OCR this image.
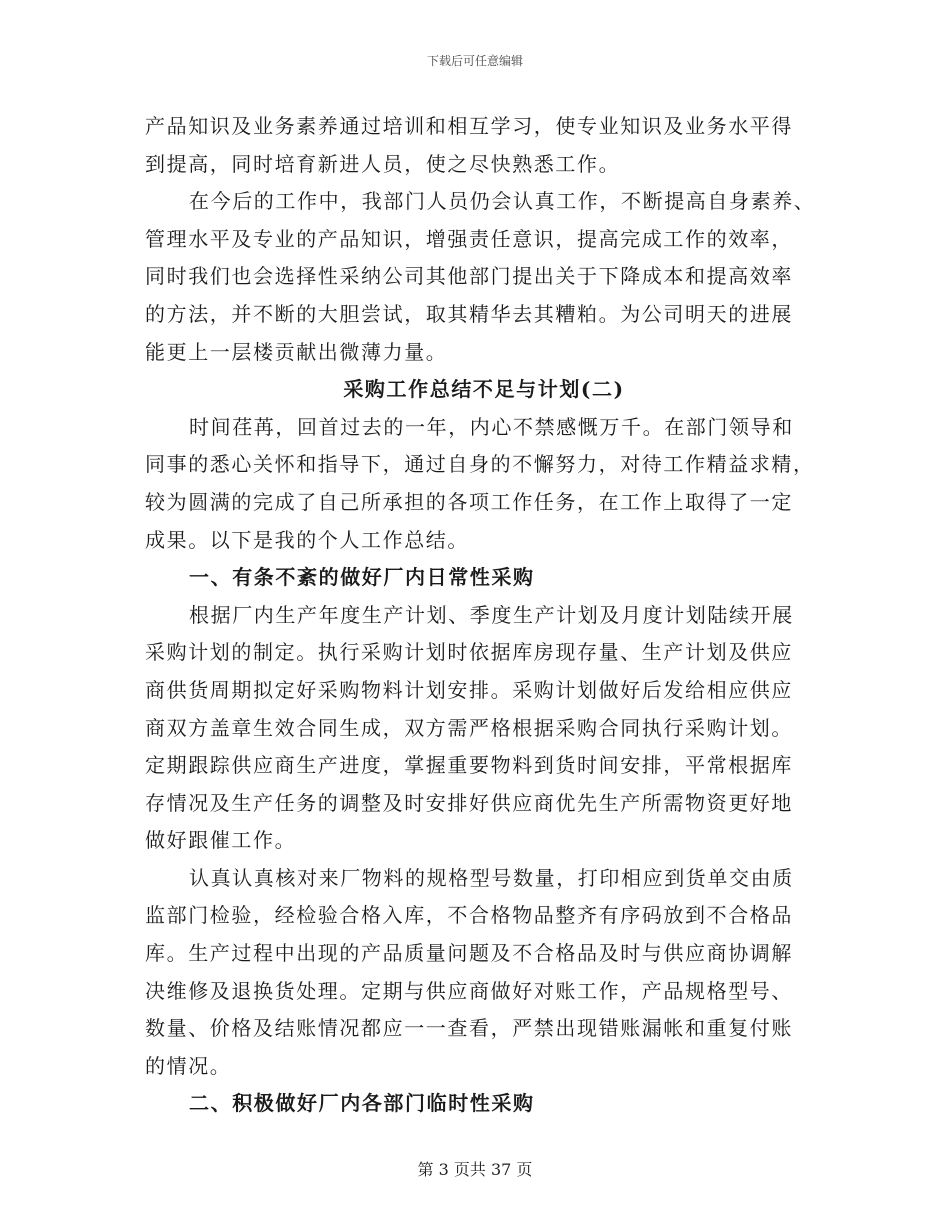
下载后可任意编辑
产品知识及业务素养通过培训和相互学习，使专业知识及业务水平得
到提高，同时培育新进人员，使之尽快熟悉工作。
在今后的工作中，我部门人员仍会认真工作，不断提高自身素养、
管理水平及专业的产品知识，增强责任意识，提高完成工作的效率，
同时我们也会选择性采纳公司其他部门提出关于下降成本和提高效率
的方法，并不断的大胆尝试，取其精华去其糟粕。为公司明天的进展
能更上一层楼贡献出微薄力量。
采购工作总结不足与计划(二)
时间荏苒，回首过去的一年，内心不禁感慨万千。在部门领导和
同事的悉心关怀和指导下，通过自身的不懈努力，对待工作精益求精，
较为圆满的完成了自己所承担的各项工作任务，在工作上取得了一定
成果。以下是我的个人工作总结。
一、有条不紊的做好厂内日常性采购
根据厂内生产年度生产计划、季度生产计划及月度计划陆续开展
采购计划的制定。执行采购计划时依据库房现存量、生产计划及供应
商供货周期拟定好采购物料计划安排。采购计划做好后发给相应供应
商双方盖章生效合同生成，双方需严格根据采购合同执行采购计划。
定期跟踪供应商生产进度，掌握重要物料到货时间安排，平常根据库
存情况及生产任务的调整及时安排好供应商优先生产所需物资更好地
做好跟催工作。
认真认真核对来厂物料的规格型号数量，打印相应到货单交由质
监部门检验，经检验合格入库，不合格物品整齐有序码放到不合格品
库。生产过程中出现的产品质量问题及不合格品及时与供应商协调解
决维修及退换货处理。定期与供应商做好对账工作，产品规格型号、
数量、价格及结账情况都应一一查看，严禁出现错账漏帐和重复付账
的情况。
二、积极做好厂内各部门临时性采购
第 3 页共 37 页
